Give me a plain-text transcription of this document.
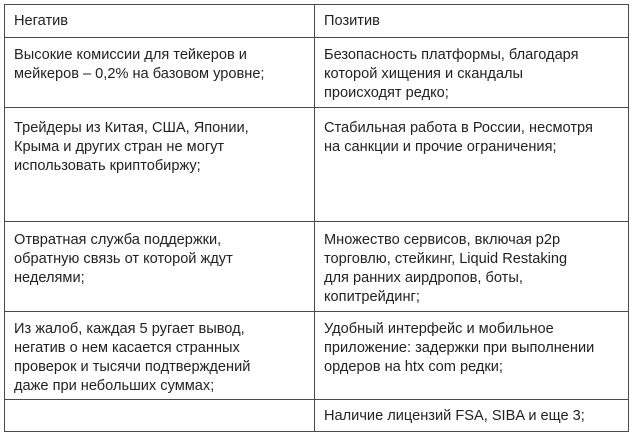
Негатив	Позитив
Высокие комиссии для тейкеров и
мейкеров – 0,2% на базовом уровне;
Безопасность платформы, благодаря
которой хищения и скандалы
происходят редко;
Трейдеры из Китая, США, Японии,
Крыма и других стран не могут
использовать криптобиржу;
Стабильная работа в России, несмотря
на санкции и прочие ограничения;
Отвратная служба поддержки,
обратную связь от которой ждут
неделями;
Множество сервисов, включая p2p
торговлю, стейкинг, Liquid Restaking
для ранних аирдропов, боты,
копитрейдинг;
Из жалоб, каждая 5 ругает вывод,
негатив о нем касается странных
проверок и тысячи подтверждений
даже при небольших суммах;
Удобный интерфейс и мобильное
приложение: задержки при выполнении
ордеров на htx com редки;
Наличие лицензий FSA, SIBA и еще 3;
